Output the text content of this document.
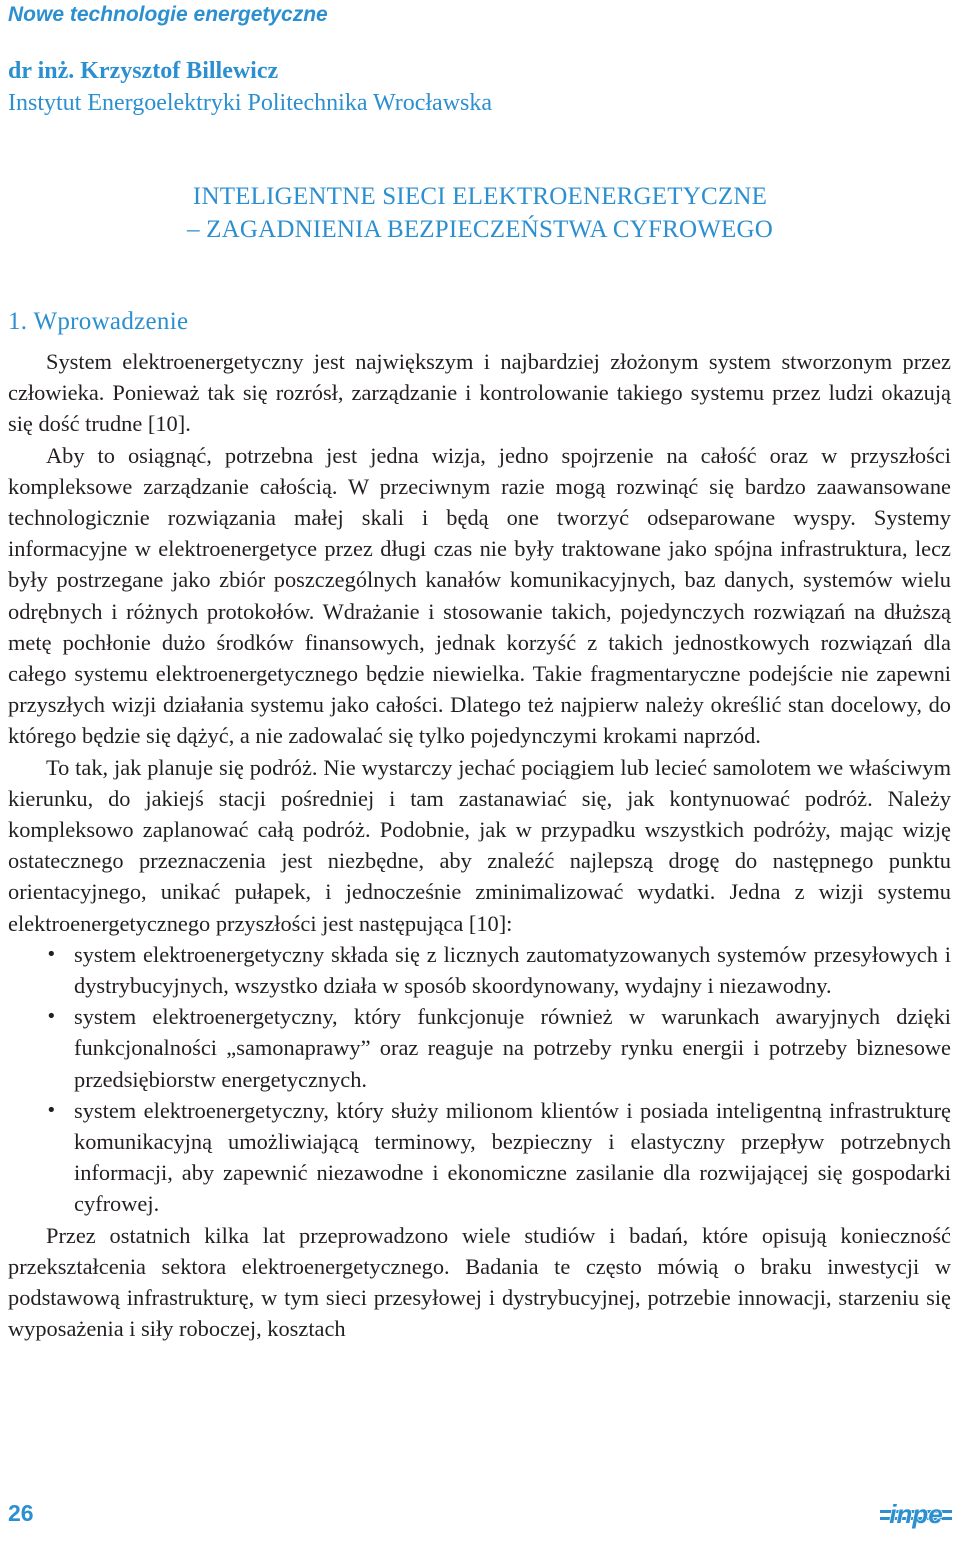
Nowe technologie energetyczne
dr inż. Krzysztof Billewicz
Instytut Energoelektryki Politechnika Wrocławska
INTELIGENTNE SIECI ELEKTROENERGETYCZNE
– ZAGADNIENIA BEZPIECZEŃSTWA CYFROWEGO
1. Wprowadzenie

System elektroenergetyczny jest największym i najbardziej złożonym system stworzonym przez człowieka. Ponieważ tak się rozrósł, zarządzanie i kontrolowanie takiego systemu przez ludzi okazują się dość trudne [10].

Aby to osiągnąć, potrzebna jest jedna wizja, jedno spojrzenie na całość oraz w przyszłości kompleksowe zarządzanie całością. W przeciwnym razie mogą rozwinąć się bardzo zaawansowane technologicznie rozwiązania małej skali i będą one tworzyć odseparowane wyspy. Systemy informacyjne w elektroenergetyce przez długi czas nie były traktowane jako spójna infrastruktura, lecz były postrzegane jako zbiór poszczególnych kanałów komunikacyjnych, baz danych, systemów wielu odrębnych i różnych protokołów. Wdrażanie i stosowanie takich, pojedynczych rozwiązań na dłuższą metę pochłonie dużo środków finansowych, jednak korzyść z takich jednostkowych rozwiązań dla całego systemu elektroenergetycznego będzie niewielka. Takie fragmentaryczne podejście nie zapewni przyszłych wizji działania systemu jako całości. Dlatego też najpierw należy określić stan docelowy, do którego będzie się dążyć, a nie zadowalać się tylko pojedynczymi krokami naprzód.

To tak, jak planuje się podróż. Nie wystarczy jechać pociągiem lub lecieć samolotem we właściwym kierunku, do jakiejś stacji pośredniej i tam zastanawiać się, jak kontynuować podróż. Należy kompleksowo zaplanować całą podróż. Podobnie, jak w przypadku wszystkich podróży, mając wizję ostatecznego przeznaczenia jest niezbędne, aby znaleźć najlepszą drogę do następnego punktu orientacyjnego, unikać pułapek, i jednocześnie zminimalizować wydatki. Jedna z wizji systemu elektroenergetycznego przyszłości jest następująca [10]:

• system elektroenergetyczny składa się z licznych zautomatyzowanych systemów przesyłowych i dystrybucyjnych, wszystko działa w sposób skoordynowany, wydajny i niezawodny.
• system elektroenergetyczny, który funkcjonuje również w warunkach awaryjnych dzięki funkcjonalności „samonaprawy” oraz reaguje na potrzeby rynku energii i potrzeby biznesowe przedsiębiorstw energetycznych.
• system elektroenergetyczny, który służy milionom klientów i posiada inteligentną infrastrukturę komunikacyjną umożliwiającą terminowy, bezpieczny i elastyczny przepływ potrzebnych informacji, aby zapewnić niezawodne i ekonomiczne zasilanie dla rozwijającej się gospodarki cyfrowej.

Przez ostatnich kilka lat przeprowadzono wiele studiów i badań, które opisują konieczność przekształcenia sektora elektroenergetycznego. Badania te często mówią o braku inwestycji w podstawową infrastrukturę, w tym sieci przesyłowej i dystrybucyjnej, potrzebie innowacji, starzeniu się wyposażenia i siły roboczej, kosztach

26	inpe
